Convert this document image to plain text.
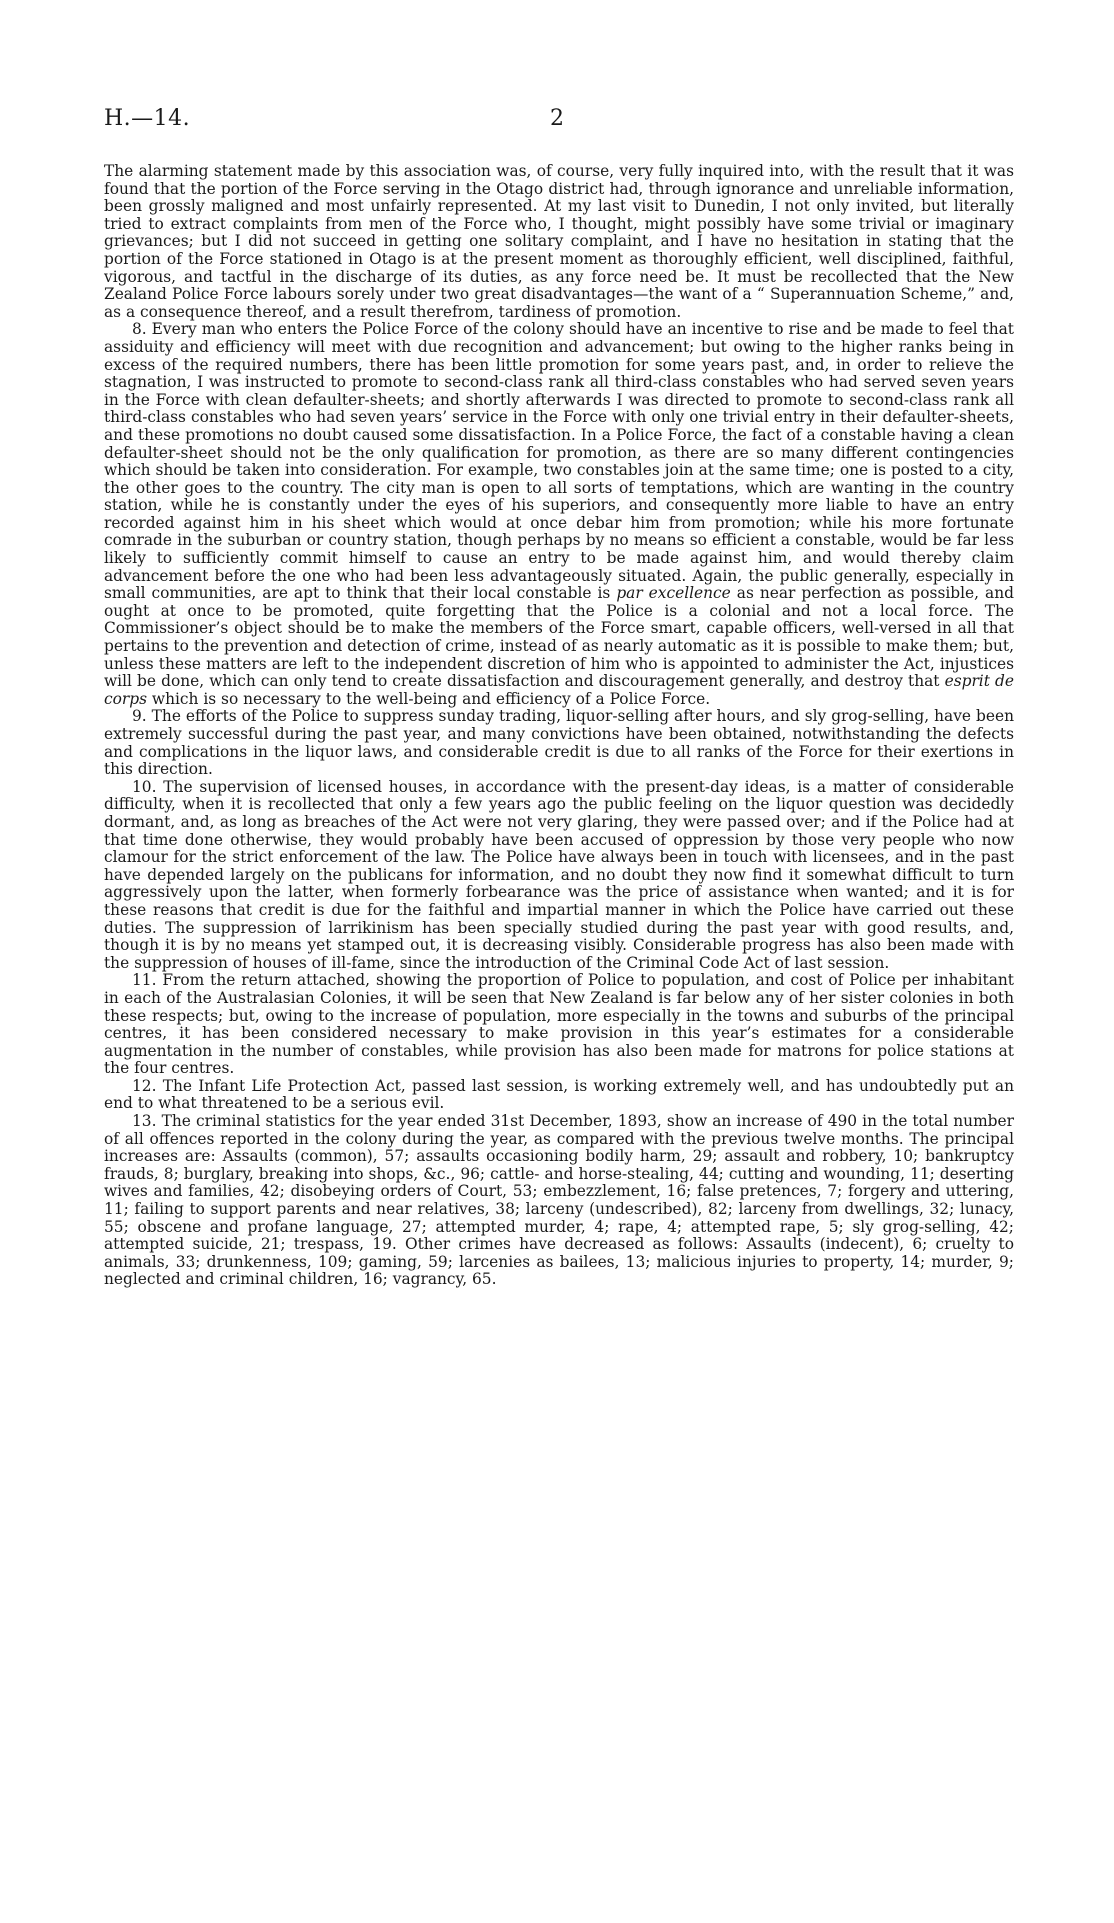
H.—14.	2

The alarming statement made by this association was, of course, very fully inquired into, with the result that it was found that the portion of the Force serving in the Otago district had, through ignorance and unreliable information, been grossly maligned and most unfairly represented. At my last visit to Dunedin, I not only invited, but literally tried to extract complaints from men of the Force who, I thought, might possibly have some trivial or imaginary grievances; but I did not succeed in getting one solitary complaint, and I have no hesitation in stating that the portion of the Force stationed in Otago is at the present moment as thoroughly efficient, well disciplined, faithful, vigorous, and tactful in the discharge of its duties, as any force need be. It must be recollected that the New Zealand Police Force labours sorely under two great disadvantages—the want of a “ Superannuation Scheme,” and, as a consequence thereof, and a result therefrom, tardiness of promotion.

8. Every man who enters the Police Force of the colony should have an incentive to rise and be made to feel that assiduity and efficiency will meet with due recognition and advancement; but owing to the higher ranks being in excess of the required numbers, there has been little promotion for some years past, and, in order to relieve the stagnation, I was instructed to promote to second-class rank all third-class constables who had served seven years in the Force with clean defaulter-sheets; and shortly afterwards I was directed to promote to second-class rank all third-class constables who had seven years’ service in the Force with only one trivial entry in their defaulter-sheets, and these promotions no doubt caused some dissatisfaction. In a Police Force, the fact of a constable having a clean defaulter-sheet should not be the only qualification for promotion, as there are so many different contingencies which should be taken into consideration. For example, two constables join at the same time; one is posted to a city, the other goes to the country. The city man is open to all sorts of temptations, which are wanting in the country station, while he is constantly under the eyes of his superiors, and consequently more liable to have an entry recorded against him in his sheet which would at once debar him from promotion; while his more fortunate comrade in the suburban or country station, though perhaps by no means so efficient a constable, would be far less likely to sufficiently commit himself to cause an entry to be made against him, and would thereby claim advancement before the one who had been less advantageously situated. Again, the public generally, especially in small communities, are apt to think that their local constable is par excellence as near perfection as possible, and ought at once to be promoted, quite forgetting that the Police is a colonial and not a local force. The Commissioner’s object should be to make the members of the Force smart, capable officers, well-versed in all that pertains to the prevention and detection of crime, instead of as nearly automatic as it is possible to make them; but, unless these matters are left to the independent discretion of him who is appointed to administer the Act, injustices will be done, which can only tend to create dissatisfaction and discouragement generally, and destroy that esprit de corps which is so necessary to the well-being and efficiency of a Police Force.

9. The efforts of the Police to suppress sunday trading, liquor-selling after hours, and sly grog-selling, have been extremely successful during the past year, and many convictions have been obtained, notwithstanding the defects and complications in the liquor laws, and considerable credit is due to all ranks of the Force for their exertions in this direction.

10. The supervision of licensed houses, in accordance with the present-day ideas, is a matter of considerable difficulty, when it is recollected that only a few years ago the public feeling on the liquor question was decidedly dormant, and, as long as breaches of the Act were not very glaring, they were passed over; and if the Police had at that time done otherwise, they would probably have been accused of oppression by those very people who now clamour for the strict enforcement of the law. The Police have always been in touch with licensees, and in the past have depended largely on the publicans for information, and no doubt they now find it somewhat difficult to turn aggressively upon the latter, when formerly forbearance was the price of assistance when wanted; and it is for these reasons that credit is due for the faithful and impartial manner in which the Police have carried out these duties. The suppression of larrikinism has been specially studied during the past year with good results, and, though it is by no means yet stamped out, it is decreasing visibly. Considerable progress has also been made with the suppression of houses of ill-fame, since the introduction of the Criminal Code Act of last session.

11. From the return attached, showing the proportion of Police to population, and cost of Police per inhabitant in each of the Australasian Colonies, it will be seen that New Zealand is far below any of her sister colonies in both these respects; but, owing to the increase of population, more especially in the towns and suburbs of the principal centres, it has been considered necessary to make provision in this year’s estimates for a considerable augmentation in the number of constables, while provision has also been made for matrons for police stations at the four centres.

12. The Infant Life Protection Act, passed last session, is working extremely well, and has undoubtedly put an end to what threatened to be a serious evil.

13. The criminal statistics for the year ended 31st December, 1893, show an increase of 490 in the total number of all offences reported in the colony during the year, as compared with the previous twelve months. The principal increases are: Assaults (common), 57; assaults occasioning bodily harm, 29; assault and robbery, 10; bankruptcy frauds, 8; burglary, breaking into shops, &c., 96; cattle- and horse-stealing, 44; cutting and wounding, 11; deserting wives and families, 42; disobeying orders of Court, 53; embezzlement, 16; false pretences, 7; forgery and uttering, 11; failing to support parents and near relatives, 38; larceny (undescribed), 82; larceny from dwellings, 32; lunacy, 55; obscene and profane language, 27; attempted murder, 4; rape, 4; attempted rape, 5; sly grog-selling, 42; attempted suicide, 21; trespass, 19. Other crimes have decreased as follows: Assaults (indecent), 6; cruelty to animals, 33; drunkenness, 109; gaming, 59; larcenies as bailees, 13; malicious injuries to property, 14; murder, 9; neglected and criminal children, 16; vagrancy, 65.
